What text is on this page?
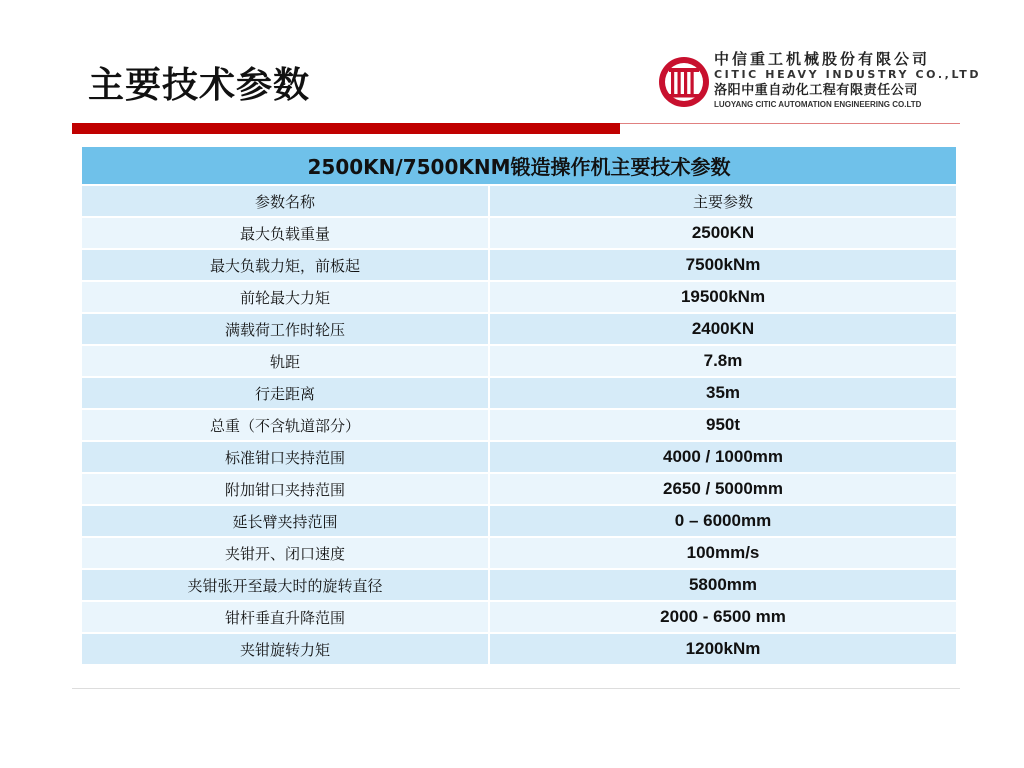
主要技术参数
中信重工机械股份有限公司
CITIC HEAVY INDUSTRY CO.,LTD
洛阳中重自动化工程有限责任公司
LUOYANG CITIC AUTOMATION ENGINEERING CO.LTD
2500KN/7500KNM锻造操作机主要技术参数	
参数名称	主要参数
最大负载重量	2500KN
最大负载力矩，前板起	7500kNm
前轮最大力矩	19500kNm
满载荷工作时轮压	2400KN
轨距	7.8m
行走距离	35m
总重（不含轨道部分）	950t
标准钳口夹持范围	4000 / 1000mm
附加钳口夹持范围	2650 / 5000mm
延长臂夹持范围	0 – 6000mm
夹钳开、闭口速度	100mm/s
夹钳张开至最大时的旋转直径	5800mm
钳杆垂直升降范围	2000 - 6500 mm
夹钳旋转力矩	1200kNm
